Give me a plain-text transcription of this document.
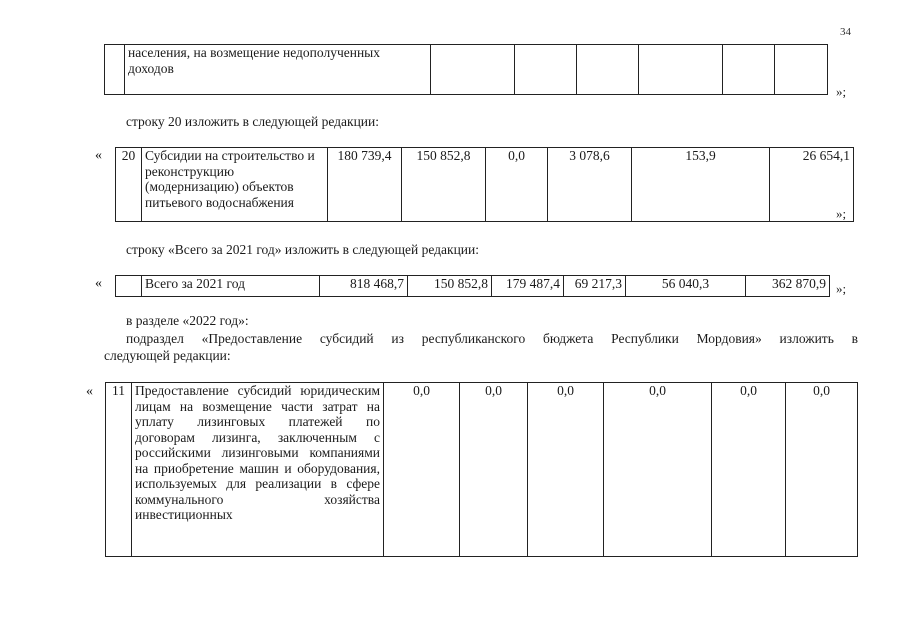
34
	населения, на возмещение недополученных доходов						
»;
строку 20 изложить в следующей редакции:
« 20	Субсидии на строительство и реконструкцию (модернизацию) объектов питьевого водоснабжения	180 739,4	150 852,8	0,0	3 078,6	153,9	26 654,1
»;
строку «Всего за 2021 год» изложить в следующей редакции:
«
		Всего за 2021 год	818 468,7	150 852,8	179 487,4	69 217,3	56 040,3	362 870,9 »;
в разделе «2022 год»:
подраздел «Предоставление субсидий из республиканского бюджета Республики Мордовия» изложить в
следующей редакции:
« 11	Предоставление субсидий юридическим лицам на возмещение части затрат на уплату лизинговых платежей по договорам лизинга, заключенным с российскими лизинговыми компаниями на приобретение машин и оборудования, используемых для реализации в сфере коммунального хозяйства инвестиционных	0,0	0,0	0,0	0,0	0,0	0,0
